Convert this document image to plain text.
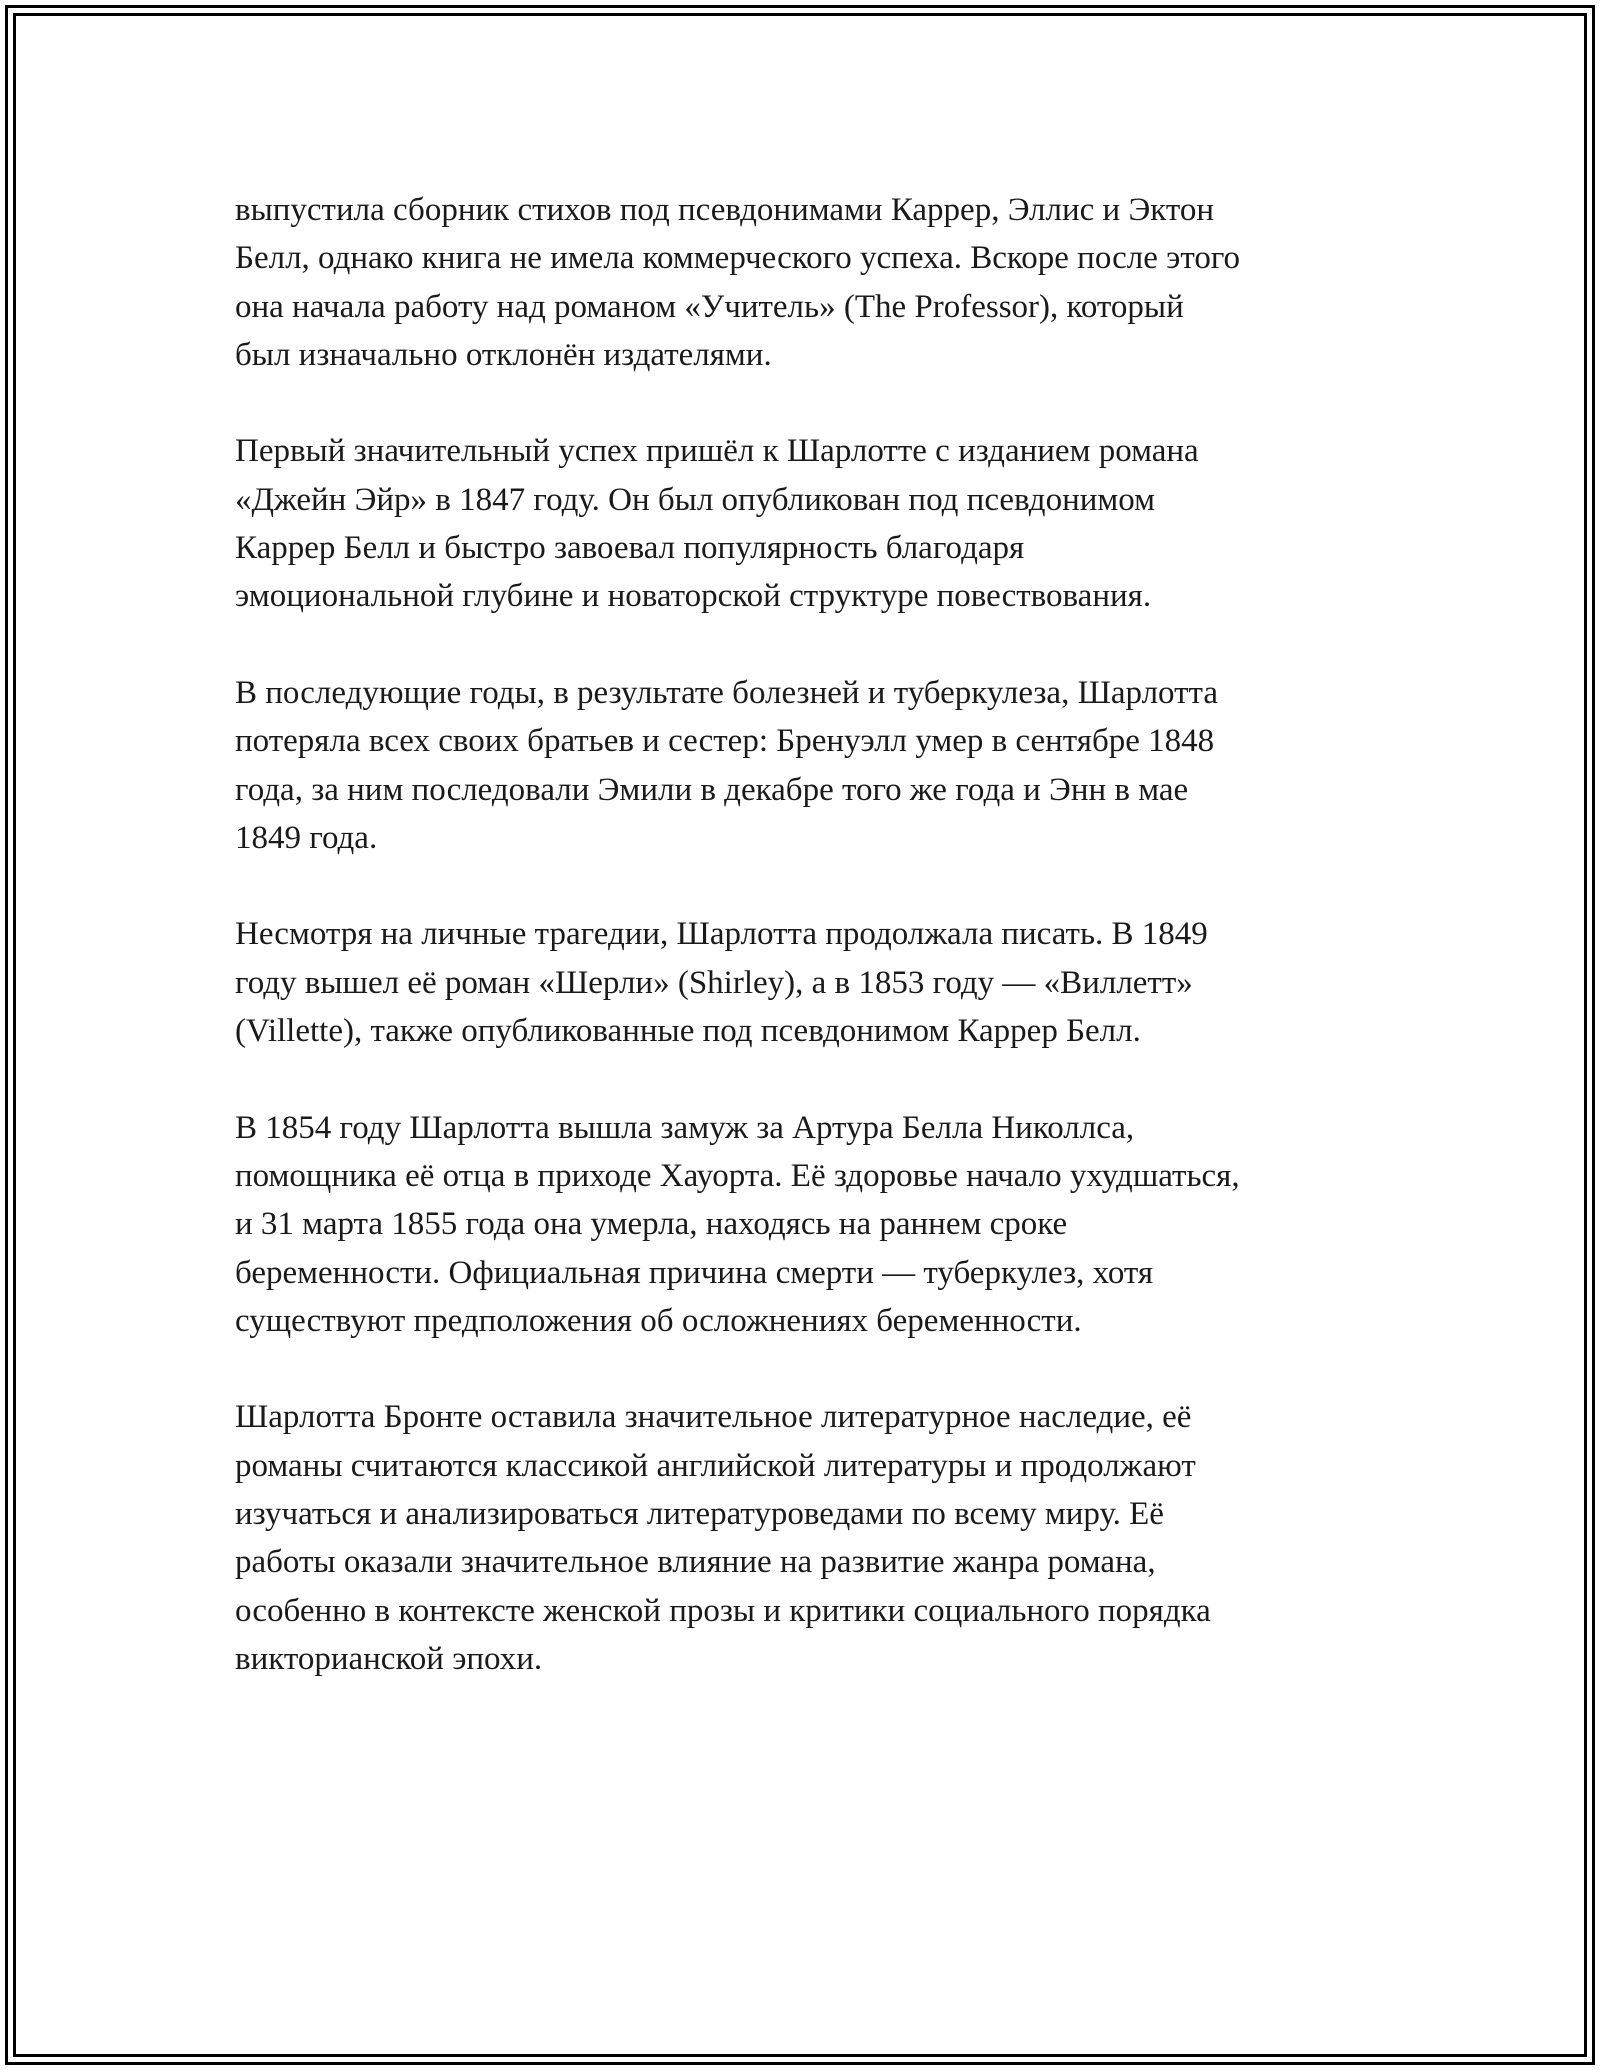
выпустила сборник стихов под псевдонимами Каррер, Эллис и Эктон
Белл, однако книга не имела коммерческого успеха. Вскоре после этого
она начала работу над романом «Учитель» (The Professor), который
был изначально отклонён издателями.
Первый значительный успех пришёл к Шарлотте с изданием романа
«Джейн Эйр» в 1847 году. Он был опубликован под псевдонимом
Каррер Белл и быстро завоевал популярность благодаря
эмоциональной глубине и новаторской структуре повествования.
В последующие годы, в результате болезней и туберкулеза, Шарлотта
потеряла всех своих братьев и сестер: Бренуэлл умер в сентябре 1848
года, за ним последовали Эмили в декабре того же года и Энн в мае
1849 года.
Несмотря на личные трагедии, Шарлотта продолжала писать. В 1849
году вышел её роман «Шерли» (Shirley), а в 1853 году — «Виллетт»
(Villette), также опубликованные под псевдонимом Каррер Белл.
В 1854 году Шарлотта вышла замуж за Артура Белла Николлса,
помощника её отца в приходе Хауорта. Её здоровье начало ухудшаться,
и 31 марта 1855 года она умерла, находясь на раннем сроке
беременности. Официальная причина смерти — туберкулез, хотя
существуют предположения об осложнениях беременности.
Шарлотта Бронте оставила значительное литературное наследие, её
романы считаются классикой английской литературы и продолжают
изучаться и анализироваться литературоведами по всему миру. Её
работы оказали значительное влияние на развитие жанра романа,
особенно в контексте женской прозы и критики социального порядка
викторианской эпохи.
